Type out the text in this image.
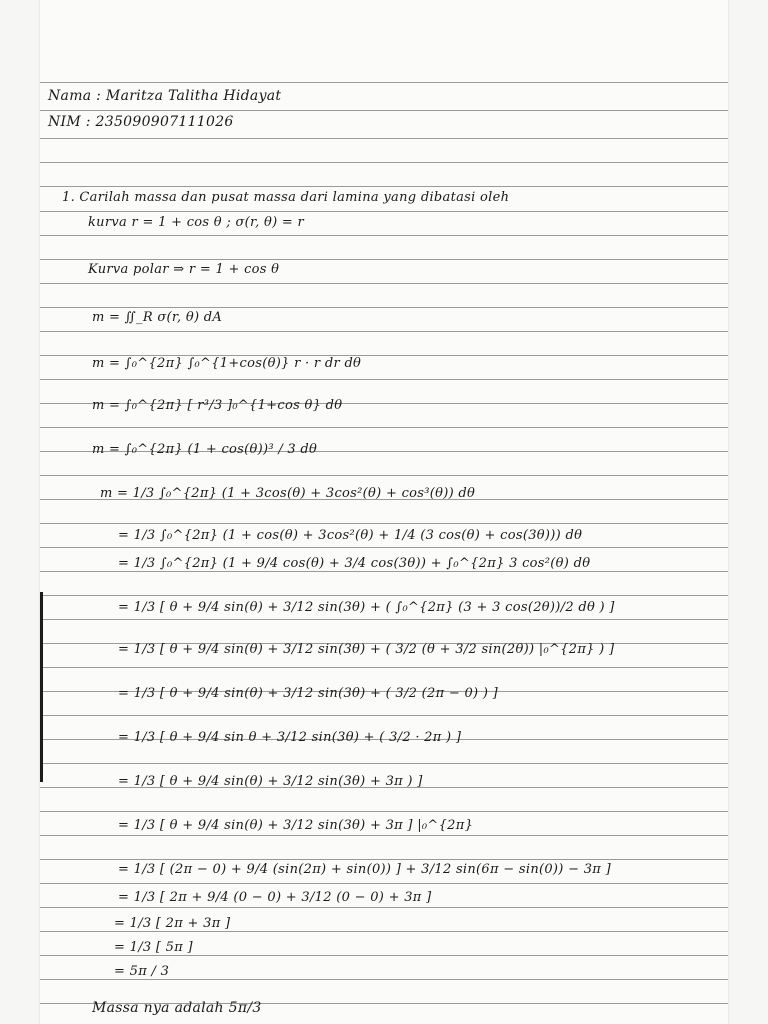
Nama : Maritza Talitha Hidayat
NIM : 235090907111026
1. Carilah massa dan pusat massa dari lamina yang dibatasi oleh
kurva r = 1 + cos θ ; σ(r, θ) = r
Kurva polar ⇒ r = 1 + cos θ
m = ∬_R σ(r, θ) dA
m = ∫₀^{2π} ∫₀^{1+cos(θ)} r · r dr dθ
m = ∫₀^{2π} [ r³/3 ]₀^{1+cos θ} dθ
m = ∫₀^{2π} (1 + cos(θ))³ / 3 dθ
m = 1/3 ∫₀^{2π} (1 + 3cos(θ) + 3cos²(θ) + cos³(θ)) dθ
= 1/3 ∫₀^{2π} (1 + cos(θ) + 3cos²(θ) + 1/4 (3 cos(θ) + cos(3θ))) dθ
= 1/3 ∫₀^{2π} (1 + 9/4 cos(θ) + 3/4 cos(3θ)) + ∫₀^{2π} 3 cos²(θ) dθ
= 1/3 [ θ + 9/4 sin(θ) + 3/12 sin(3θ) + ( ∫₀^{2π} (3 + 3 cos(2θ))/2 dθ ) ]
= 1/3 [ θ + 9/4 sin(θ) + 3/12 sin(3θ) + ( 3/2 (θ + 3/2 sin(2θ)) |₀^{2π} ) ]
= 1/3 [ θ + 9/4 sin(θ) + 3/12 sin(3θ) + ( 3/2 (2π − 0) ) ]
= 1/3 [ θ + 9/4 sin θ + 3/12 sin(3θ) + ( 3/2 · 2π ) ]
= 1/3 [ θ + 9/4 sin(θ) + 3/12 sin(3θ) + 3π ) ]
= 1/3 [ θ + 9/4 sin(θ) + 3/12 sin(3θ) + 3π ] |₀^{2π}
= 1/3 [ (2π − 0) + 9/4 (sin(2π) + sin(0)) ] + 3/12 sin(6π − sin(0)) − 3π ]
= 1/3 [ 2π + 9/4 (0 − 0) + 3/12 (0 − 0) + 3π ]
= 1/3 [ 2π + 3π ]
= 1/3 [ 5π ]
= 5π / 3
Massa nya adalah 5π/3
